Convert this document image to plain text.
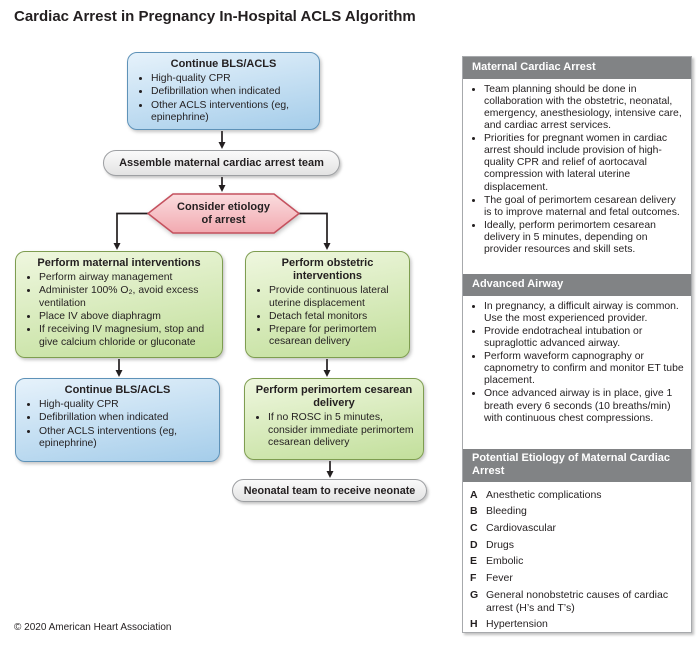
Cardiac Arrest in Pregnancy In-Hospital ACLS Algorithm
Continue BLS/ACLS
• High-quality CPR
• Defibrillation when indicated
• Other ACLS interventions (eg, epinephrine)
Assemble maternal cardiac arrest team
Consider etiology of arrest
Perform maternal interventions
• Perform airway management
• Administer 100% O₂, avoid excess ventilation
• Place IV above diaphragm
• If receiving IV magnesium, stop and give calcium chloride or gluconate
Perform obstetric interventions
• Provide continuous lateral uterine displacement
• Detach fetal monitors
• Prepare for perimortem cesarean delivery
Continue BLS/ACLS
• High-quality CPR
• Defibrillation when indicated
• Other ACLS interventions (eg, epinephrine)
Perform perimortem cesarean delivery
• If no ROSC in 5 minutes, consider immediate perimortem cesarean delivery
Neonatal team to receive neonate
Maternal Cardiac Arrest
• Team planning should be done in collaboration with the obstetric, neonatal, emergency, anesthesiology, intensive care, and cardiac arrest services.
• Priorities for pregnant women in cardiac arrest should include provision of high-quality CPR and relief of aortocaval compression with lateral uterine displacement.
• The goal of perimortem cesarean delivery is to improve maternal and fetal outcomes.
• Ideally, perform perimortem cesarean delivery in 5 minutes, depending on provider resources and skill sets.
Advanced Airway
• In pregnancy, a difficult airway is common. Use the most experienced provider.
• Provide endotracheal intubation or supraglottic advanced airway.
• Perform waveform capnography or capnometry to confirm and monitor ET tube placement.
• Once advanced airway is in place, give 1 breath every 6 seconds (10 breaths/min) with continuous chest compressions.
Potential Etiology of Maternal Cardiac Arrest
A Anesthetic complications
B Bleeding
C Cardiovascular
D Drugs
E Embolic
F Fever
G General nonobstetric causes of cardiac arrest (H’s and T’s)
H Hypertension
© 2020 American Heart Association
